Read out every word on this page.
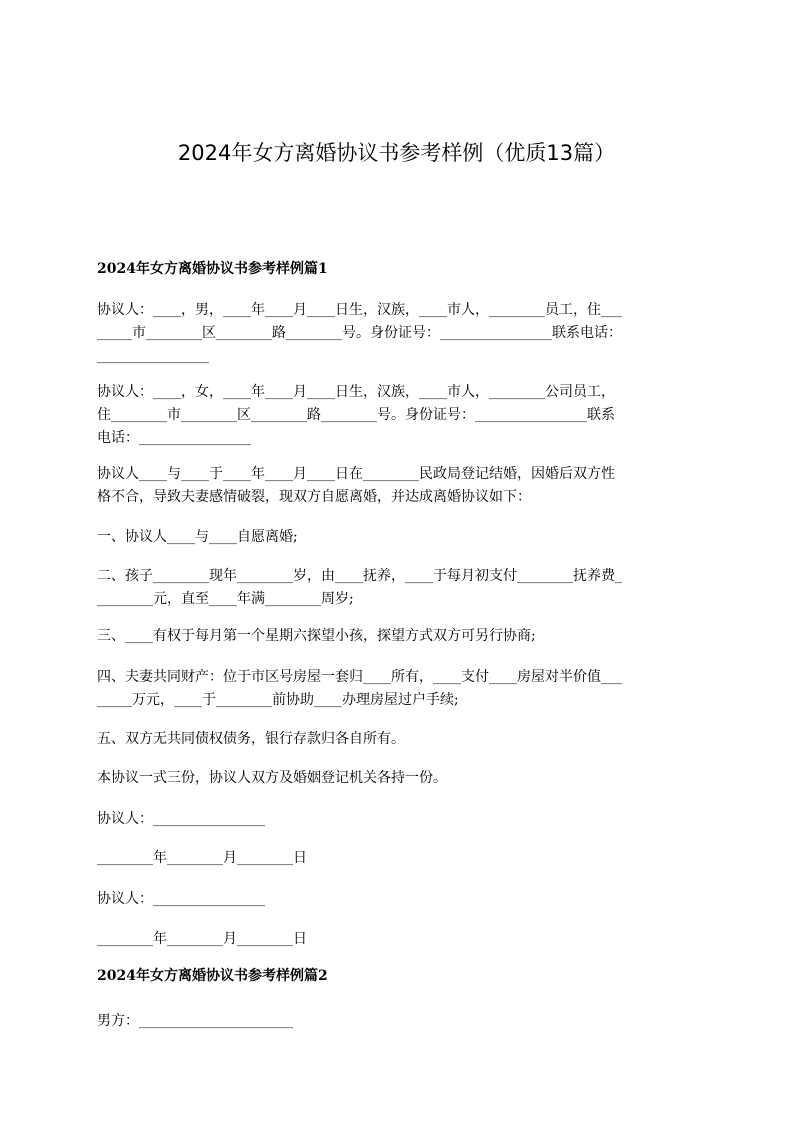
2024年女方离婚协议书参考样例（优质13篇）
2024年女方离婚协议书参考样例篇1
协议人：____，男，____年____月____日生，汉族，____市人，________员工，住___
_____市________区________路________号。身份证号：________________联系电话：
________________
协议人：____，女，____年____月____日生，汉族，____市人，________公司员工，
住________市________区________路________号。身份证号：________________联系
电话：________________
协议人____与____于____年____月____日在________民政局登记结婚，因婚后双方性
格不合，导致夫妻感情破裂，现双方自愿离婚，并达成离婚协议如下：
一、协议人____与____自愿离婚;
二、孩子________现年________岁，由____抚养，____于每月初支付________抚养费_
________元，直至____年满________周岁;
三、____有权于每月第一个星期六探望小孩，探望方式双方可另行协商;
四、夫妻共同财产：位于市区号房屋一套归____所有，____支付____房屋对半价值___
_____万元，____于________前协助____办理房屋过户手续;
五、双方无共同债权债务，银行存款归各自所有。
本协议一式三份，协议人双方及婚姻登记机关各持一份。
协议人：________________
________年________月________日
协议人：________________
________年________月________日
2024年女方离婚协议书参考样例篇2
男方：______________________
